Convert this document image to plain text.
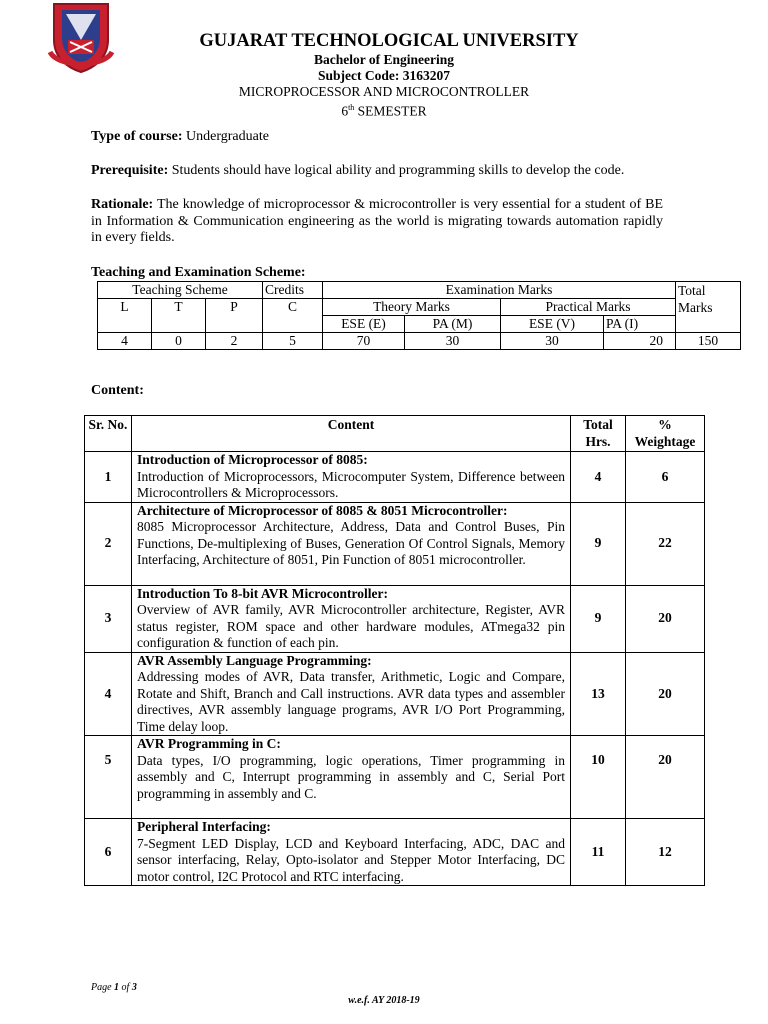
GUJARAT TECHNOLOGICAL UNIVERSITY
Bachelor of Engineering
Subject Code: 3163207
MICROPROCESSOR AND MICROCONTROLLER
6th SEMESTER
Type of course: Undergraduate
Prerequisite: Students should have logical ability and programming skills to develop the code.
Rationale: The knowledge of microprocessor & microcontroller is very essential for a student of BE in Information & Communication engineering as the world is migrating towards automation rapidly in every fields.
Teaching and Examination Scheme:
Teaching Scheme			Credits	Examination Marks				Total Marks
L	T	P	C	Theory Marks		Practical Marks		
				ESE (E)	PA (M)	ESE (V)	PA (I)	
4	0	2	5	70	30	30	20	150
Content:
Sr. No.	Content	Total Hrs.	% Weightage
1	Introduction of Microprocessor of 8085:
Introduction of Microprocessors, Microcomputer System, Difference between Microcontrollers & Microprocessors.	4	6
2	Architecture of Microprocessor of 8085 & 8051 Microcontroller:
8085 Microprocessor Architecture, Address, Data and Control Buses, Pin Functions, De-multiplexing of Buses, Generation Of Control Signals, Memory Interfacing, Architecture of 8051, Pin Function of 8051 microcontroller.	9	22
3	Introduction To 8-bit AVR Microcontroller:
Overview of AVR family, AVR Microcontroller architecture, Register, AVR status register, ROM space and other hardware modules, ATmega32 pin configuration & function of each pin.	9	20
4	AVR Assembly Language Programming:
Addressing modes of AVR, Data transfer, Arithmetic, Logic and Compare, Rotate and Shift, Branch and Call instructions. AVR data types and assembler directives, AVR assembly language programs, AVR I/O Port Programming, Time delay loop.	13	20
5	AVR Programming in C:
Data types, I/O programming, logic operations, Timer programming in assembly and C, Interrupt programming in assembly and C, Serial Port programming in assembly and C.	10	20
6	Peripheral Interfacing:
7-Segment LED Display, LCD and Keyboard Interfacing, ADC, DAC and sensor interfacing, Relay, Opto-isolator and Stepper Motor Interfacing, DC motor control, I2C Protocol and RTC interfacing.	11	12
Page 1 of 3
w.e.f. AY 2018-19
